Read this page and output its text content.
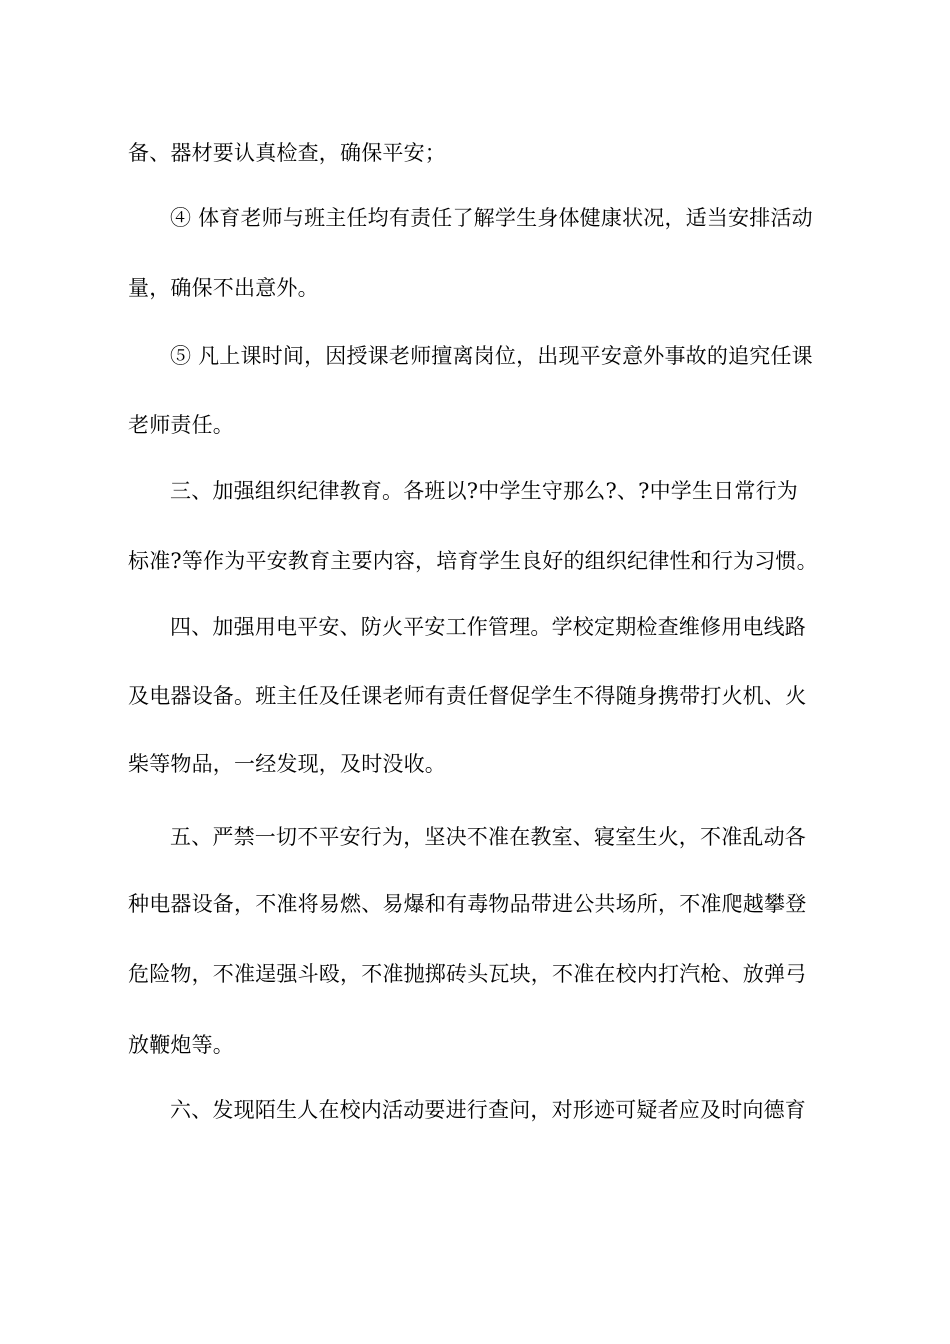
备、器材要认真检查，确保平安；
④ 体育老师与班主任均有责任了解学生身体健康状况，适当安排活动
量，确保不出意外。
⑤ 凡上课时间，因授课老师擅离岗位，出现平安意外事故的追究任课
老师责任。
三、加强组织纪律教育。各班以?中学生守那么?、?中学生日常行为
标准?等作为平安教育主要内容，培育学生良好的组织纪律性和行为习惯。
四、加强用电平安、防火平安工作管理。学校定期检查维修用电线路
及电器设备。班主任及任课老师有责任督促学生不得随身携带打火机、火
柴等物品，一经发现，及时没收。
五、严禁一切不平安行为，坚决不准在教室、寝室生火，不准乱动各
种电器设备，不准将易燃、易爆和有毒物品带进公共场所，不准爬越攀登
危险物，不准逞强斗殴，不准抛掷砖头瓦块，不准在校内打汽枪、放弹弓
放鞭炮等。
六、发现陌生人在校内活动要进行查问，对形迹可疑者应及时向德育
